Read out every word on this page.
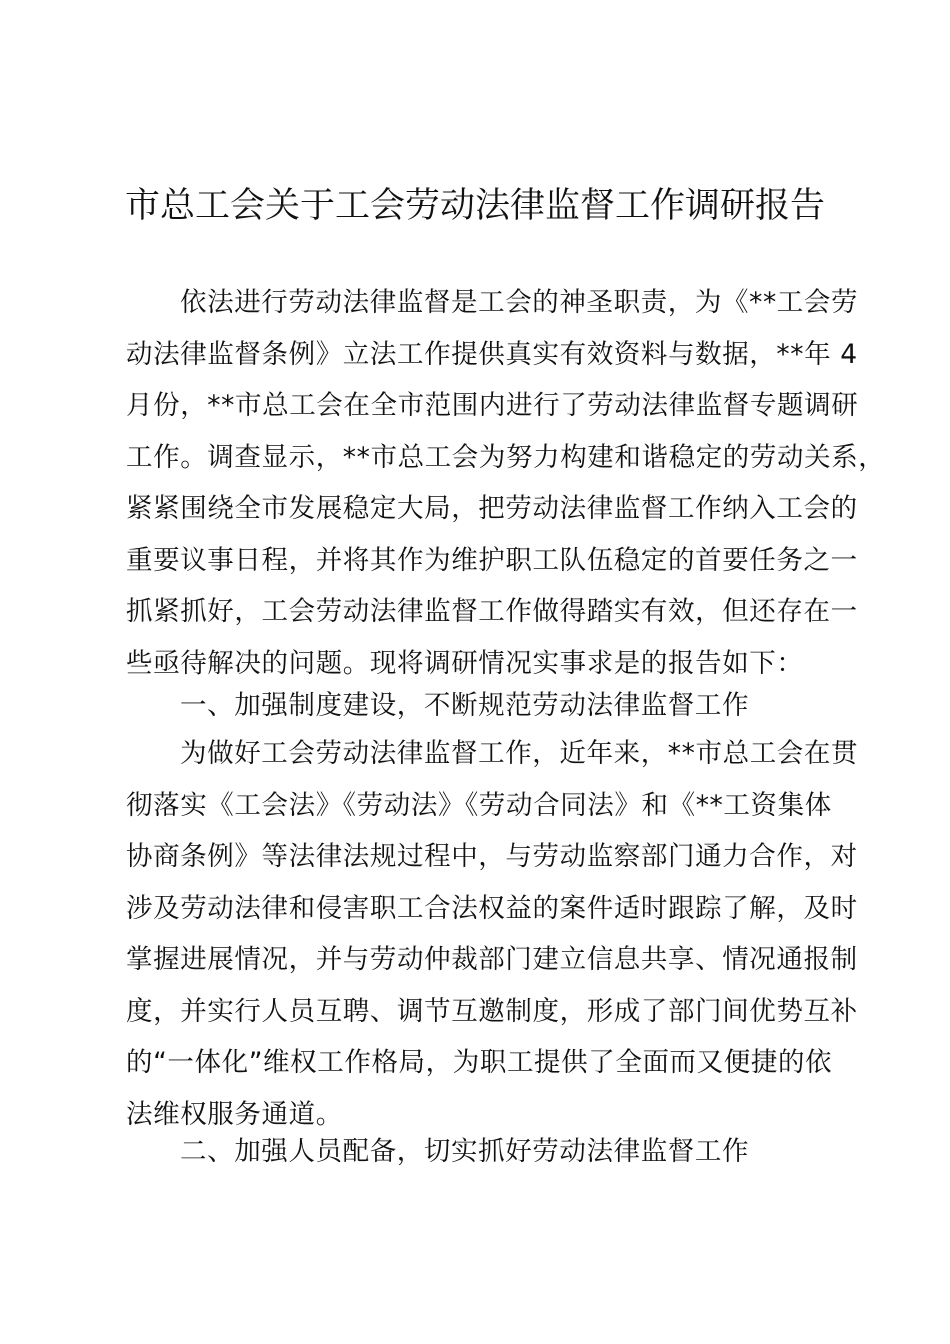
市总工会关于工会劳动法律监督工作调研报告
依法进行劳动法律监督是工会的神圣职责，为《**工会劳
动法律监督条例》立法工作提供真实有效资料与数据，**年 4
月份，**市总工会在全市范围内进行了劳动法律监督专题调研
工作。调查显示，**市总工会为努力构建和谐稳定的劳动关系，
紧紧围绕全市发展稳定大局，把劳动法律监督工作纳入工会的
重要议事日程，并将其作为维护职工队伍稳定的首要任务之一
抓紧抓好，工会劳动法律监督工作做得踏实有效，但还存在一
些亟待解决的问题。现将调研情况实事求是的报告如下：
一、加强制度建设，不断规范劳动法律监督工作
为做好工会劳动法律监督工作，近年来，**市总工会在贯
彻落实《工会法》《劳动法》《劳动合同法》和《**工资集体
协商条例》等法律法规过程中，与劳动监察部门通力合作，对
涉及劳动法律和侵害职工合法权益的案件适时跟踪了解，及时
掌握进展情况，并与劳动仲裁部门建立信息共享、情况通报制
度，并实行人员互聘、调节互邀制度，形成了部门间优势互补
的“一体化”维权工作格局，为职工提供了全面而又便捷的依
法维权服务通道。
二、加强人员配备，切实抓好劳动法律监督工作
